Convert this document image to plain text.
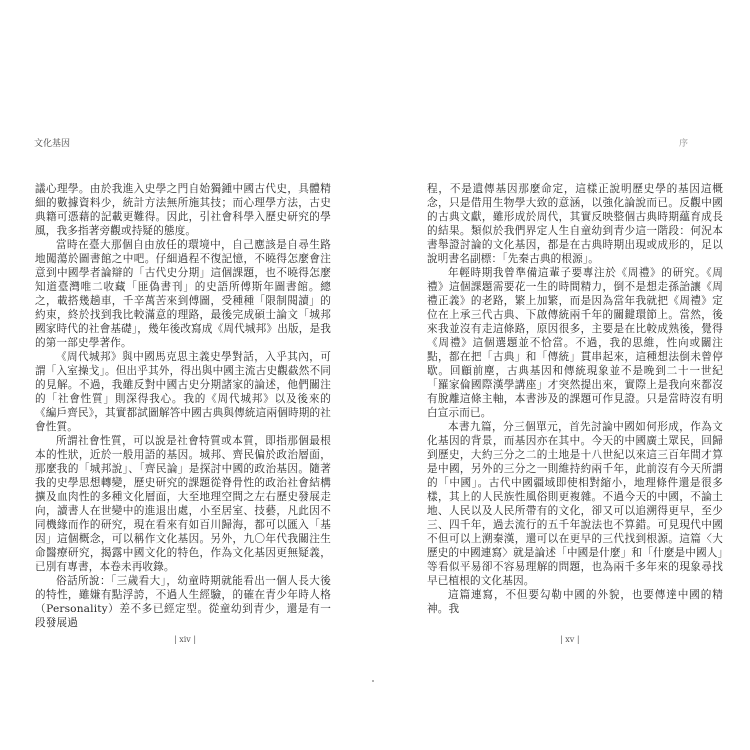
文化基因	序

議心理學。由於我進入史學之門自始獨鍾中國古代史，具體精細的數據資料少，統計方法無所施其技；而心理學方法，古史典籍可憑藉的記載更難得。因此，引社會科學入歷史研究的學風，我多指著旁觀或持疑的態度。

當時在臺大那個自由放任的環境中，自己應該是自尋生路地闖蕩於圖書館之中吧。仔細過程不復記憶，不曉得怎麼會注意到中國學者論辯的「古代史分期」這個課題，也不曉得怎麼知道臺灣唯二收藏「匪偽書刊」的史語所傅斯年圖書館。總之，載搭幾趟車，千辛萬苦來到傅圖，受種種「限制閱讀」的約束，終於找到我比較滿意的理路，最後完成碩士論文「城邦國家時代的社會基礎」，幾年後改寫成《周代城邦》出版，是我的第一部史學著作。

《周代城邦》與中國馬克思主義史學對話，入乎其內，可謂「入室操戈」。但出乎其外，得出與中國主流古史觀截然不同的見解。不過，我雖反對中國古史分期諸家的論述，他們關注的「社會性質」則深得我心。我的《周代城邦》以及後來的《編戶齊民》，其實都試圖解答中國古典與傳統這兩個時期的社會性質。

所謂社會性質，可以說是社會特質或本質，即指那個最根本的性狀，近於一般用語的基因。城邦、齊民偏於政治層面，那麼我的「城邦說」、「齊民論」是探討中國的政治基因。隨著我的史學思想轉變，歷史研究的課題從脊骨性的政治社會結構擴及血肉性的多種文化層面，大至地理空間之左右歷史發展走向，讀書人在世變中的進退出處，小至居室、技藝，凡此因不同機緣而作的研究，現在看來有如百川歸海，都可以匯入「基因」這個概念，可以稱作文化基因。另外，九〇年代我關注生命醫療研究，揭露中國文化的特色，作為文化基因更無疑義，已別有專書，本卷未再收錄。

俗話所說：「三歲看大」，幼童時期就能看出一個人長大後的特性，雖嫌有點浮誇，不過人生經驗，的確在青少年時人格（Personality）差不多已經定型。從童幼到青少，還是有一段發展過

程，不是遺傳基因那麼命定，這樣正說明歷史學的基因這概念，只是借用生物學大致的意涵，以強化論說而已。反觀中國的古典文獻，雖形成於周代，其實反映整個古典時期蘊育成長的結果。類似於我們界定人生自童幼到青少這一階段：何況本書舉證討論的文化基因，都是在古典時期出現或成形的，足以說明書名副標：「先秦古典的根源」。

年輕時期我曾準備這輩子要專注於《周禮》的研究。《周禮》這個課題需要花一生的時間精力，倒不是想走孫詒讓《周禮正義》的老路，繁上加繁，而是因為當年我就把《周禮》定位在上承三代古典、下啟傳統兩千年的關鍵環節上。當然，後來我並沒有走這條路，原因很多，主要是在比較成熟後，覺得《周禮》這個選題並不恰當。不過，我的思維，性向或關注點，都在把「古典」和「傳統」貫串起來，這種想法倒未曾停歇。回顧前塵，古典基因和傳統現象並不是晚到二十一世紀「羅家倫國際漢學講座」才突然提出來，實際上是我向來都沒有脫離這條主軸，本書涉及的課題可作見證。只是當時沒有明白宣示而已。

本書九篇，分三個單元，首先討論中國如何形成，作為文化基因的背景，而基因亦在其中。今天的中國廣土眾民，回歸到歷史，大約三分之二的土地是十八世紀以來這三百年間才算是中國，另外的三分之一則維持約兩千年，此前沒有今天所謂的「中國」。古代中國疆域即使相對縮小，地理條件還是很多樣，其上的人民族性風俗則更複雜。不過今天的中國，不論土地、人民以及人民所帶有的文化，卻又可以追溯得更早，至少三、四千年，過去流行的五千年說法也不算錯。可見現代中國不但可以上溯秦漢，還可以在更早的三代找到根源。這篇〈大歷史的中國連寫〉就是論述「中國是什麼」和「什麼是中國人」等看似平易卻不容易理解的問題，也為兩千多年來的現象尋找早已植根的文化基因。

這篇連寫，不但要勾勒中國的外貌，也要傳達中國的精神。我

| xiv |	| xv |
